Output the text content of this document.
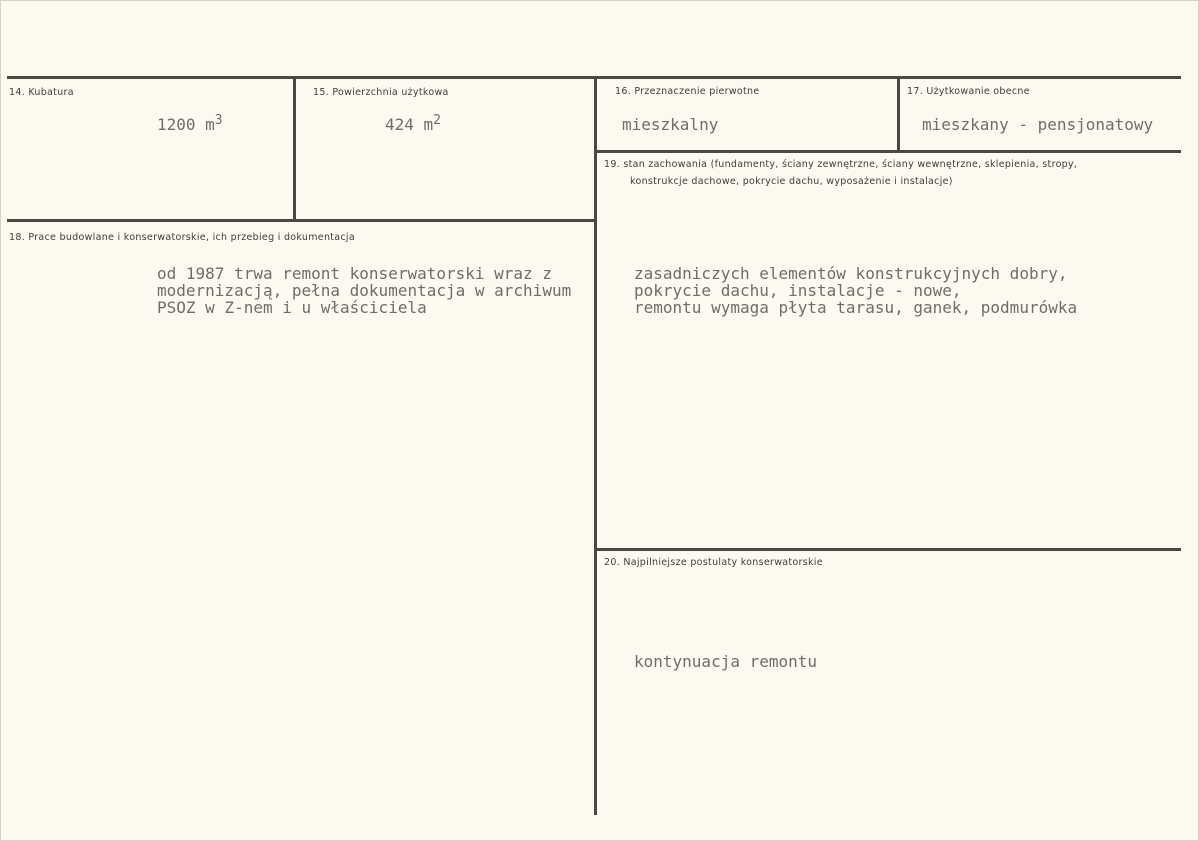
14. Kubatura
1200 $m^3$
15. Powierzchnia użytkowa
424 $m^2$
16. Przeznaczenie pierwotne
mieszkalny
17. Użytkowanie obecne
mieszkany - pensjonatowy
19. stan zachowania (fundamenty, ściany zewnętrzne, ściany wewnętrzne, sklepienia, stropy,
konstrukcje dachowe, pokrycie dachu, wyposażenie i instalacje)
zasadniczych elementów konstrukcyjnych dobry,
pokrycie dachu, instalacje - nowe,
remontu wymaga płyta tarasu, ganek, podmurówka
18. Prace budowlane i konserwatorskie, ich przebieg i dokumentacja
od 1987 trwa remont konserwatorski wraz z
modernizacją, pełna dokumentacja w archiwum
PSOZ w Z-nem i u właściciela
20. Najpilniejsze postulaty konserwatorskie
kontynuacja remontu
